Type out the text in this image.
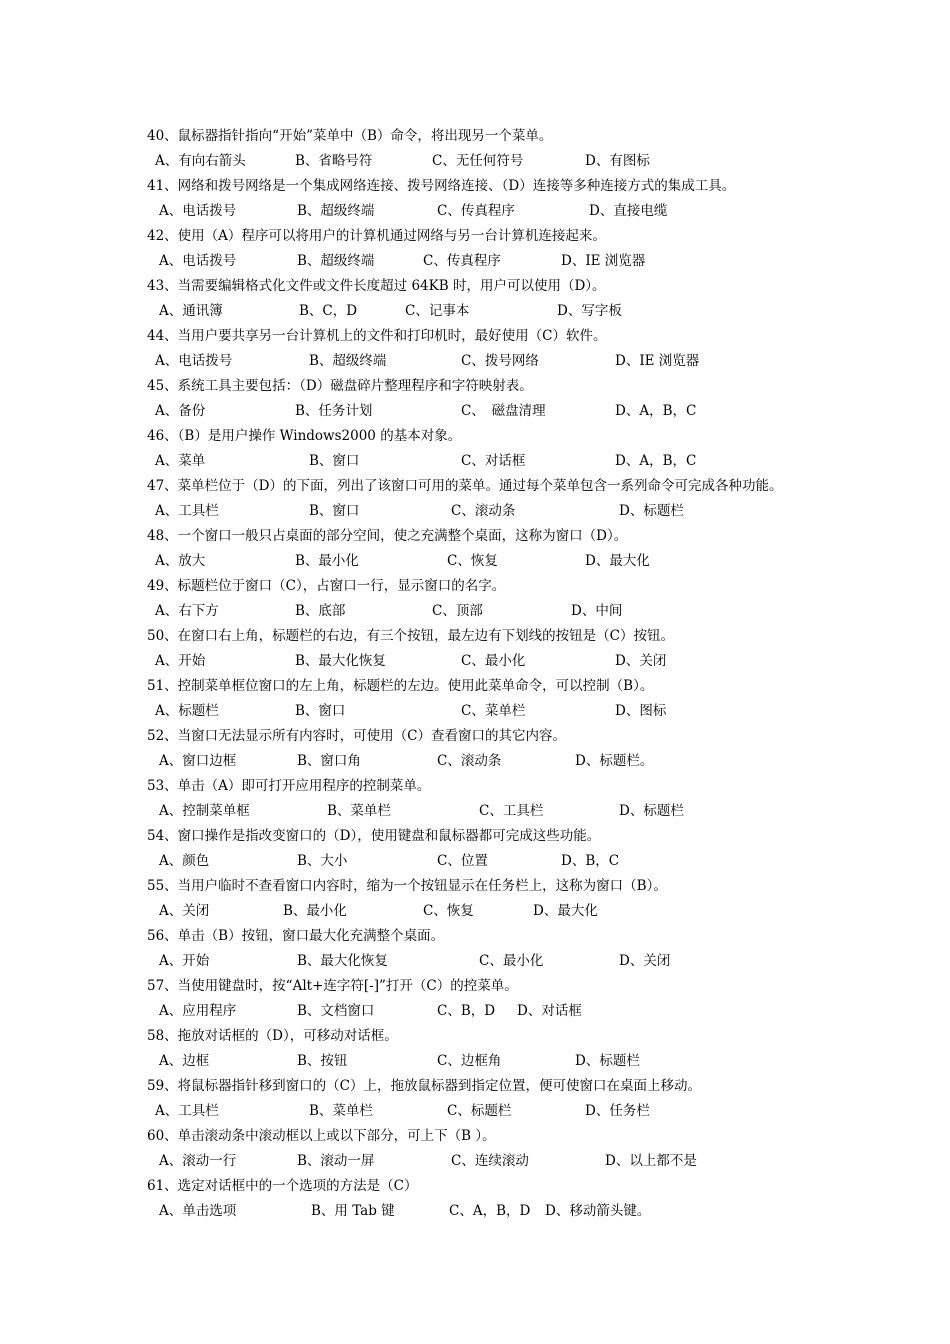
40、鼠标器指针指向“开始”菜单中（B）命令，将出现另一个菜单。
A、有向右箭头	B、省略号符	C、无任何符号	D、有图标
41、网络和拨号网络是一个集成网络连接、拨号网络连接、（D）连接等多种连接方式的集成工具。
A、电话拨号	B、超级终端	C、传真程序	D、直接电缆
42、使用（A）程序可以将用户的计算机通过网络与另一台计算机连接起来。
A、电话拨号	B、超级终端	C、传真程序	D、IE 浏览器
43、当需要编辑格式化文件或文件长度超过 64KB 时，用户可以使用（D）。
A、通讯簿	B、C，D	C、记事本	D、写字板
44、当用户要共享另一台计算机上的文件和打印机时，最好使用（C）软件。
A、电话拨号	B、超级终端	C、拨号网络	D、IE 浏览器
45、系统工具主要包括：（D）磁盘碎片整理程序和字符映射表。
A、备份	B、任务计划	C、　磁盘清理	D、A，B，C
46、（B）是用户操作 Windows2000 的基本对象。
A、菜单	B、窗口	C、对话框	D、A，B，C
47、菜单栏位于（D）的下面，列出了该窗口可用的菜单。通过每个菜单包含一系列命令可完成各种功能。
A、工具栏	B、窗口	C、滚动条	D、标题栏
48、一个窗口一般只占桌面的部分空间，使之充满整个桌面，这称为窗口（D）。
A、放大	B、最小化	C、恢复	D、最大化
49、标题栏位于窗口（C），占窗口一行，显示窗口的名字。
A、右下方	B、底部	C、顶部	D、中间
50、在窗口右上角，标题栏的右边，有三个按钮，最左边有下划线的按钮是（C）按钮。
A、开始	B、最大化恢复	C、最小化	D、关闭
51、控制菜单框位窗口的左上角，标题栏的左边。使用此菜单命令，可以控制（B）。
A、标题栏	B、窗口	C、菜单栏	D、图标
52、当窗口无法显示所有内容时，可使用（C）查看窗口的其它内容。
A、窗口边框	B、窗口角	C、滚动条	D、标题栏。
53、单击（A）即可打开应用程序的控制菜单。
A、控制菜单框	B、菜单栏	C、工具栏	D、标题栏
54、窗口操作是指改变窗口的（D），使用键盘和鼠标器都可完成这些功能。
A、颜色	B、大小	C、位置	D、B，C
55、当用户临时不查看窗口内容时，缩为一个按钮显示在任务栏上，这称为窗口（B）。
A、关闭	B、最小化	C、恢复	D、最大化
56、单击（B）按钮，窗口最大化充满整个桌面。
A、开始	B、最大化恢复	C、最小化	D、关闭
57、当使用键盘时，按“Alt+连字符[-]”打开（C）的控菜单。
A、应用程序	B、文档窗口	C、B，D D、对话框
58、拖放对话框的（D），可移动对话框。
A、边框	B、按钮	C、边框角	D、标题栏
59、将鼠标器指针移到窗口的（C）上，拖放鼠标器到指定位置，便可使窗口在桌面上移动。
A、工具栏	B、菜单栏	C、标题栏	D、任务栏
60、单击滚动条中滚动框以上或以下部分，可上下（B ）。
A、滚动一行	B、滚动一屏	C、连续滚动	D、以上都不是
61、选定对话框中的一个选项的方法是（C）
A、单击选项	B、用 Tab 键	C、A，B，D D、移动箭头键。
